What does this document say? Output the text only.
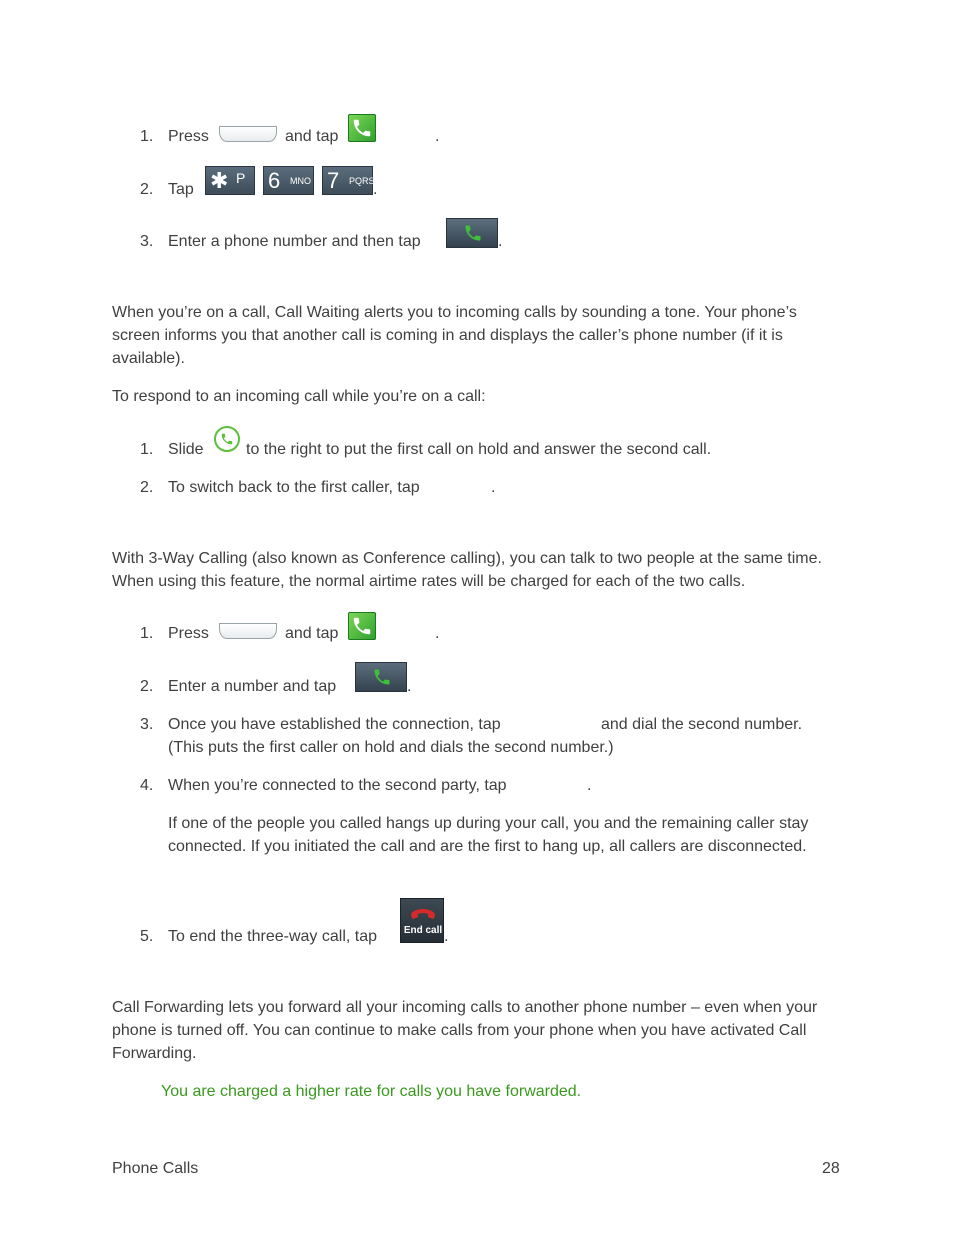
1. Press	and tap	.
2. Tap ✱ P 6 MNO 7 PQRS
.
3. Enter a phone number and then tap	.
When you’re on a call, Call Waiting alerts you to incoming calls by sounding a tone. Your phone’s screen informs you that another call is coming in and displays the caller’s phone number (if it is available).
To respond to an incoming call while you’re on a call:
1. Slide	to the right to put the first call on hold and answer the second call.
2. To switch back to the first caller, tap	.
With 3-Way Calling (also known as Conference calling), you can talk to two people at the same time. When using this feature, the normal airtime rates will be charged for each of the two calls.
1. Press	and tap	.
2. Enter a number and tap	.
3. Once you have established the connection, tap	and dial the second number.
(This puts the first caller on hold and dials the second number.)
4. When you’re connected to the second party, tap	.
If one of the people you called hangs up during your call, you and the remaining caller stay connected. If you initiated the call and are the first to hang up, all callers are disconnected.
5. To end the three-way call, tap	End call .
Call Forwarding lets you forward all your incoming calls to another phone number – even when your phone is turned off. You can continue to make calls from your phone when you have activated Call Forwarding.
You are charged a higher rate for calls you have forwarded.
Phone Calls	28
